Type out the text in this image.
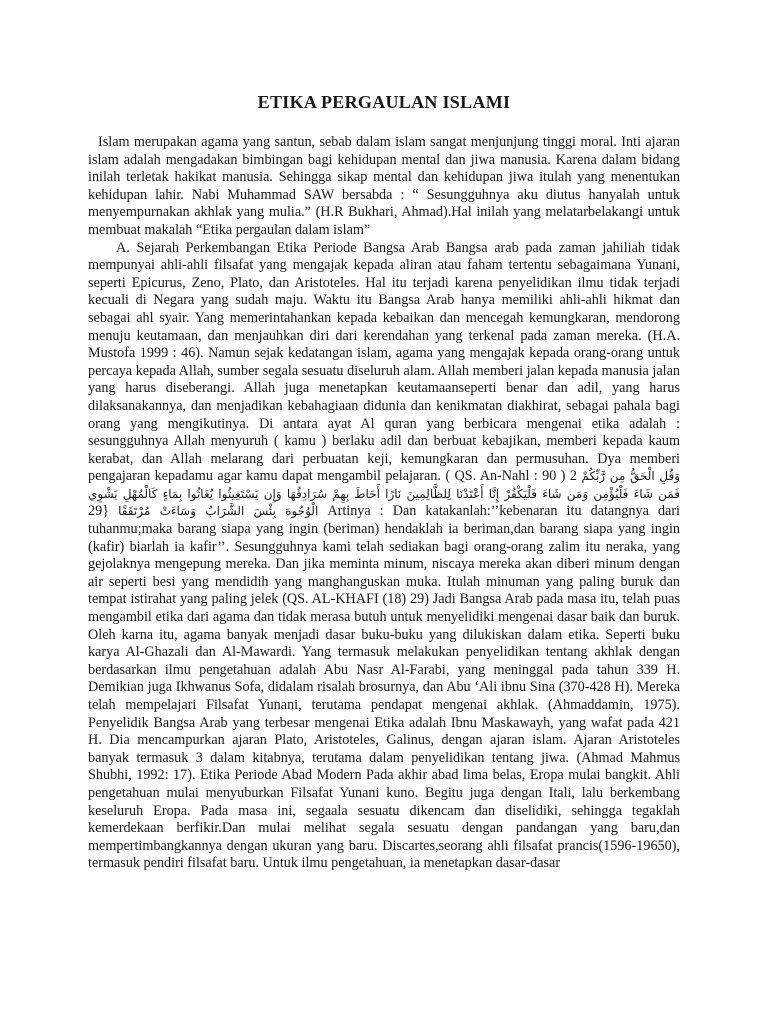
ETIKA PERGAULAN ISLAMI

Islam merupakan agama yang santun, sebab dalam islam sangat menjunjung tinggi moral. Inti ajaran islam adalah mengadakan bimbingan bagi kehidupan mental dan jiwa manusia. Karena dalam bidang inilah terletak hakikat manusia. Sehingga sikap mental dan kehidupan jiwa itulah yang menentukan kehidupan lahir. Nabi Muhammad SAW bersabda : “ Sesungguhnya aku diutus hanyalah untuk menyempurnakan akhlak yang mulia.” (H.R Bukhari, Ahmad).Hal inilah yang melatarbelakangi untuk membuat makalah “Etika pergaulan dalam islam”

A. Sejarah Perkembangan Etika Periode Bangsa Arab Bangsa arab pada zaman jahiliah tidak mempunyai ahli-ahli filsafat yang mengajak kepada aliran atau faham tertentu sebagaimana Yunani, seperti Epicurus, Zeno, Plato, dan Aristoteles. Hal itu terjadi karena penyelidikan ilmu tidak terjadi kecuali di Negara yang sudah maju. Waktu itu Bangsa Arab hanya memiliki ahli-ahli hikmat dan sebagai ahl syair. Yang memerintahankan kepada kebaikan dan mencegah kemungkaran, mendorong menuju keutamaan, dan menjauhkan diri dari kerendahan yang terkenal pada zaman mereka. (H.A. Mustofa 1999 : 46). Namun sejak kedatangan islam, agama yang mengajak kepada orang-orang untuk percaya kepada Allah, sumber segala sesuatu diseluruh alam. Allah memberi jalan kepada manusia jalan yang harus diseberangi. Allah juga menetapkan keutamaanseperti benar dan adil, yang harus dilaksanakannya, dan menjadikan kebahagiaan didunia dan kenikmatan diakhirat, sebagai pahala bagi orang yang mengikutinya. Di antara ayat Al quran yang berbicara mengenai etika adalah : sesungguhnya Allah menyuruh ( kamu ) berlaku adil dan berbuat kebajikan, memberi kepada kaum kerabat, dan Allah melarang dari perbuatan keji, kemungkaran dan permusuhan. Dya memberi pengajaran kepadamu agar kamu dapat mengambil pelajaran. ( QS. An-Nahl : 90 ) 2 وَقُلِ الْحَقُّ مِن رَّبِّكُمْ فَمَن شَاءَ فَلْيُؤْمِن وَمَن شَاءَ فَلْيَكْفُرْ إِنَّا أَعْتَدْنَا لِلظَّالِمِينَ نَارًا أَحَاطَ بِهِمْ سُرَادِقُهَا وَإِن يَسْتَغِيثُوا يُغَاثُوا بِمَاءٍ كَالْمُهْلِ يَشْوِي الْوُجُوهَ بِئْسَ الشَّرَابُ وَسَاءَتْ مُرْتَفَقًا {29 Artinya : Dan katakanlah:’’kebenaran itu datangnya dari tuhanmu;maka barang siapa yang ingin (beriman) hendaklah ia beriman,dan barang siapa yang ingin (kafir) biarlah ia kafir’’. Sesungguhnya kami telah sediakan bagi orang-orang zalim itu neraka, yang gejolaknya mengepung mereka. Dan jika meminta minum, niscaya mereka akan diberi minum dengan air seperti besi yang mendidih yang manghanguskan muka. Itulah minuman yang paling buruk dan tempat istirahat yang paling jelek (QS. AL-KHAFI (18) 29) Jadi Bangsa Arab pada masa itu, telah puas mengambil etika dari agama dan tidak merasa butuh untuk menyelidiki mengenai dasar baik dan buruk. Oleh karna itu, agama banyak menjadi dasar buku-buku yang dilukiskan dalam etika. Seperti buku karya Al-Ghazali dan Al-Mawardi. Yang termasuk melakukan penyelidikan tentang akhlak dengan berdasarkan ilmu pengetahuan adalah Abu Nasr Al-Farabi, yang meninggal pada tahun 339 H. Demikian juga Ikhwanus Sofa, didalam risalah brosurnya, dan Abu ‘Ali ibnu Sina (370-428 H). Mereka telah mempelajari Filsafat Yunani, terutama pendapat mengenai akhlak. (Ahmaddamin, 1975). Penyelidik Bangsa Arab yang terbesar mengenai Etika adalah Ibnu Maskawayh, yang wafat pada 421 H. Dia mencampurkan ajaran Plato, Aristoteles, Galinus, dengan ajaran islam. Ajaran Aristoteles banyak termasuk 3 dalam kitabnya, terutama dalam penyelidikan tentang jiwa. (Ahmad Mahmus Shubhi, 1992: 17). Etika Periode Abad Modern Pada akhir abad lima belas, Eropa mulai bangkit. Ahli pengetahuan mulai menyuburkan Filsafat Yunani kuno. Begitu juga dengan Itali, lalu berkembang keseluruh Eropa. Pada masa ini, segaala sesuatu dikencam dan diselidiki, sehingga tegaklah kemerdekaan berfikir.Dan mulai melihat segala sesuatu dengan pandangan yang baru,dan mempertimbangkannya dengan ukuran yang baru. Discartes,seorang ahli filsafat prancis(1596-19650), termasuk pendiri filsafat baru. Untuk ilmu pengetahuan, ia menetapkan dasar-dasar
